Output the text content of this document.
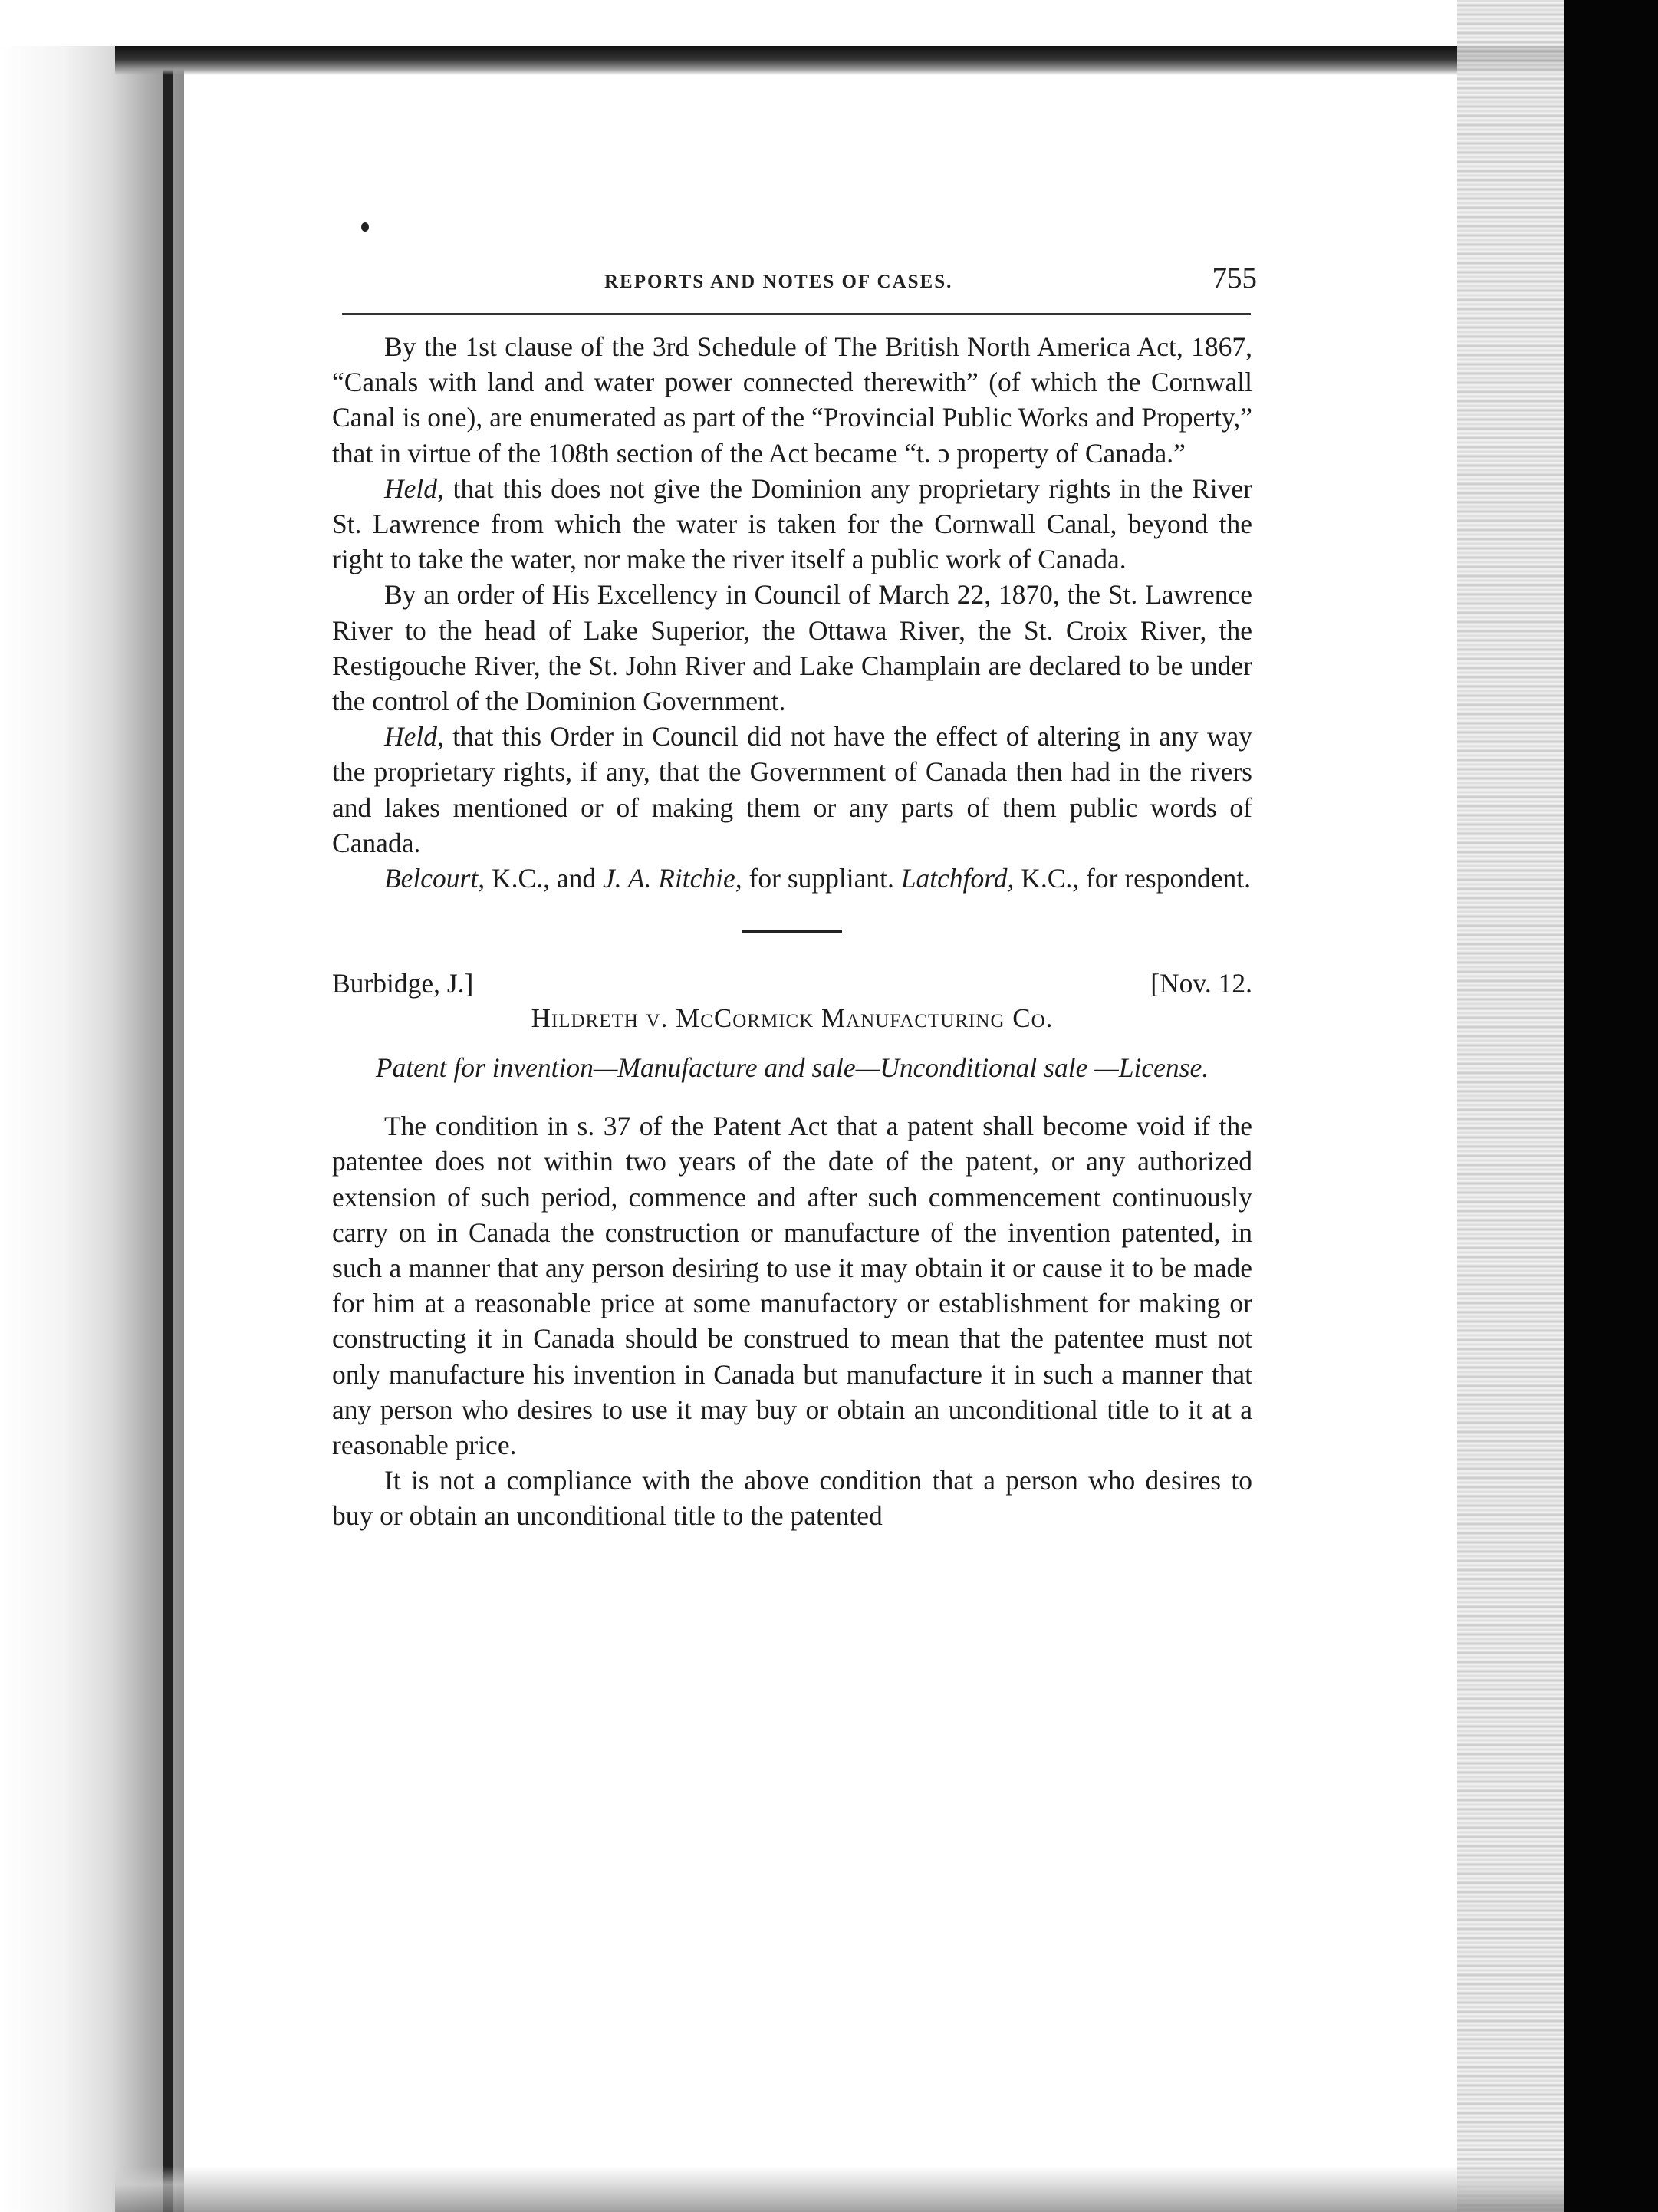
REPORTS AND NOTES OF CASES.	755

By the 1st clause of the 3rd Schedule of The British North America Act, 1867, “Canals with land and water power connected therewith” (of which the Cornwall Canal is one), are enumerated as part of the “Provincial Public Works and Property,” that in virtue of the 108th section of the Act became “t. ɔ property of Canada.”

Held, that this does not give the Dominion any proprietary rights in the River St. Lawrence from which the water is taken for the Cornwall Canal, beyond the right to take the water, nor make the river itself a public work of Canada.

By an order of His Excellency in Council of March 22, 1870, the St. Lawrence River to the head of Lake Superior, the Ottawa River, the St. Croix River, the Restigouche River, the St. John River and Lake Champlain are declared to be under the control of the Dominion Government.

Held, that this Order in Council did not have the effect of altering in any way the proprietary rights, if any, that the Government of Canada then had in the rivers and lakes mentioned or of making them or any parts of them public words of Canada.

Belcourt, K.C., and J. A. Ritchie, for suppliant. Latchford, K.C., for respondent.

Burbidge, J.]	[Nov. 12.
Hildreth v. McCormick Manufacturing Co.
Patent for invention—Manufacture and sale—Unconditional sale —License.

The condition in s. 37 of the Patent Act that a patent shall become void if the patentee does not within two years of the date of the patent, or any authorized extension of such period, commence and after such commencement continuously carry on in Canada the construction or manufacture of the invention patented, in such a manner that any person desiring to use it may obtain it or cause it to be made for him at a reasonable price at some manufactory or establishment for making or constructing it in Canada should be construed to mean that the patentee must not only manufacture his invention in Canada but manufacture it in such a manner that any person who desires to use it may buy or obtain an unconditional title to it at a reasonable price.

It is not a compliance with the above condition that a person who desires to buy or obtain an unconditional title to the patented
